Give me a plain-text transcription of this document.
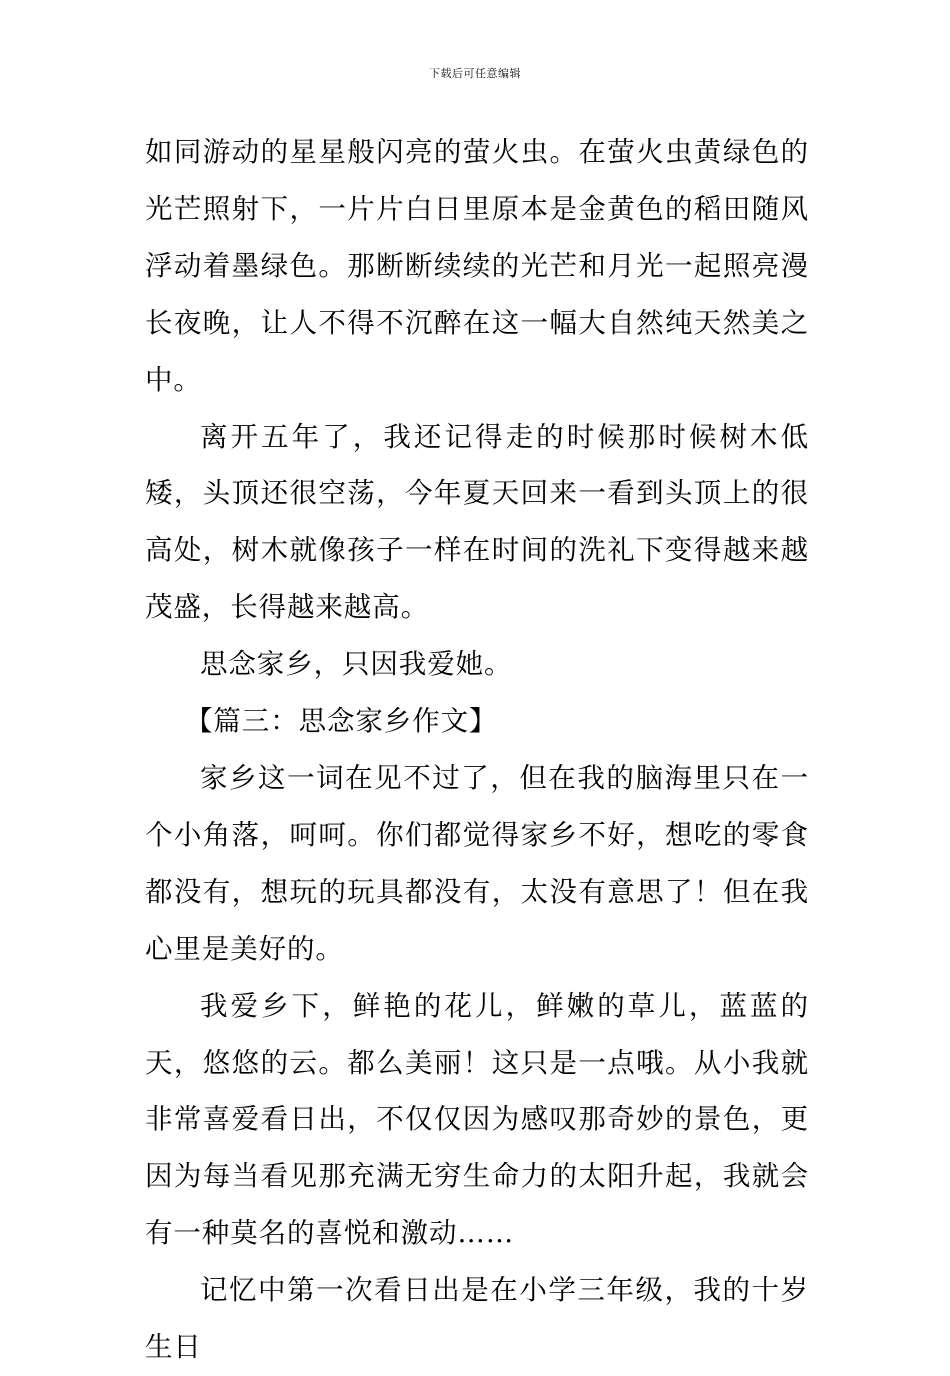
下载后可任意编辑

如同游动的星星般闪亮的萤火虫。在萤火虫黄绿色的光芒照射下，一片片白日里原本是金黄色的稻田随风浮动着墨绿色。那断断续续的光芒和月光一起照亮漫长夜晚，让人不得不沉醉在这一幅大自然纯天然美之中。

离开五年了，我还记得走的时候那时候树木低矮，头顶还很空荡，今年夏天回来一看到头顶上的很高处，树木就像孩子一样在时间的洗礼下变得越来越茂盛，长得越来越高。

思念家乡，只因我爱她。

【篇三：思念家乡作文】

家乡这一词在见不过了，但在我的脑海里只在一个小角落，呵呵。你们都觉得家乡不好，想吃的零食都没有，想玩的玩具都没有，太没有意思了！但在我心里是美好的。

我爱乡下，鲜艳的花儿，鲜嫩的草儿，蓝蓝的天，悠悠的云。都么美丽！这只是一点哦。从小我就非常喜爱看日出，不仅仅因为感叹那奇妙的景色，更因为每当看见那充满无穷生命力的太阳升起，我就会有一种莫名的喜悦和激动……

记忆中第一次看日出是在小学三年级，我的十岁生日
